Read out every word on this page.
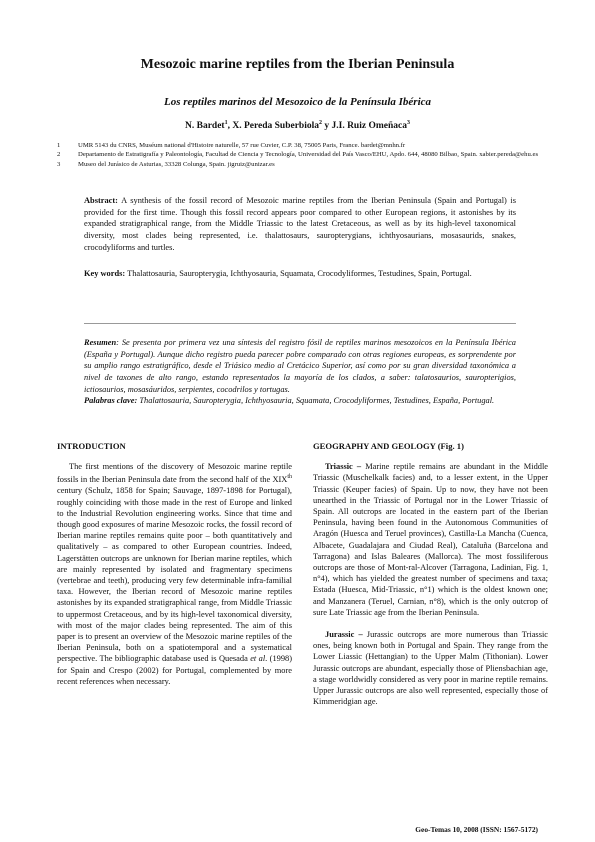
Mesozoic marine reptiles from the Iberian Peninsula
Los reptiles marinos del Mesozoico de la Península Ibérica
N. Bardet$^1$, X. Pereda Suberbiola$^2$ y J.I. Ruiz Omeñaca$^3$
1	UMR 5143 du CNRS, Muséum national d'Histoire naturelle, 57 rue Cuvier, C.P. 38, 75005 Paris, France. bardet@mnhn.fr
2	Departamento de Estratigrafía y Paleontología, Facultad de Ciencia y Tecnología, Universidad del País Vasco/EHU, Apdo. 644, 48080 Bilbao, Spain. xabier.pereda@ehu.es
3	Museo del Jurásico de Asturias, 33328 Colunga, Spain. jigruiz@unizar.es
Abstract: A synthesis of the fossil record of Mesozoic marine reptiles from the Iberian Peninsula (Spain and Portugal) is provided for the first time. Though this fossil record appears poor compared to other European regions, it astonishes by its expanded stratigraphical range, from the Middle Triassic to the latest Cretaceous, as well as by its high-level taxonomical diversity, most clades being represented, i.e. thalattosaurs, sauropterygians, ichthyosaurians, mosasaurids, snakes, crocodyliforms and turtles.
Key words: Thalattosauria, Sauropterygia, Ichthyosauria, Squamata, Crocodyliformes, Testudines, Spain, Portugal.
Resumen: Se presenta por primera vez una síntesis del registro fósil de reptiles marinos mesozoicos en la Península Ibérica (España y Portugal). Aunque dicho registro pueda parecer pobre comparado con otras regiones europeas, es sorprendente por su amplio rango estratigráfico, desde el Triásico medio al Cretácico Superior, así como por su gran diversidad taxonómica a nivel de taxones de alto rango, estando representados la mayoría de los clados, a saber: talatosaurios, sauropterigios, ictiosaurios, mosasáuridos, serpientes, cocodrilos y tortugas.
Palabras clave: Thalattosauria, Sauropterygia, Ichthyosauria, Squamata, Crocodyliformes, Testudines, España, Portugal.
INTRODUCTION

The first mentions of the discovery of Mesozoic marine reptile fossils in the Iberian Peninsula date from the second half of the XIXth century (Schulz, 1858 for Spain; Sauvage, 1897-1898 for Portugal), roughly coinciding with those made in the rest of Europe and linked to the Industrial Revolution engineering works. Since that time and though good exposures of marine Mesozoic rocks, the fossil record of Iberian marine reptiles remains quite poor – both quantitatively and qualitatively – as compared to other European countries. Indeed, Lagerstätten outcrops are unknown for Iberian marine reptiles, which are mainly represented by isolated and fragmentary specimens (vertebrae and teeth), producing very few determinable infra-familial taxa. However, the Iberian record of Mesozoic marine reptiles astonishes by its expanded stratigraphical range, from Middle Triassic to uppermost Cretaceous, and by its high-level taxonomical diversity, with most of the major clades being represented. The aim of this paper is to present an overview of the Mesozoic marine reptiles of the Iberian Peninsula, both on a spatiotemporal and a systematical perspective. The bibliographic database used is Quesada et al. (1998) for Spain and Crespo (2002) for Portugal, complemented by more recent references when necessary.

GEOGRAPHY AND GEOLOGY (Fig. 1)

Triassic – Marine reptile remains are abundant in the Middle Triassic (Muschelkalk facies) and, to a lesser extent, in the Upper Triassic (Keuper facies) of Spain. Up to now, they have not been unearthed in the Triassic of Portugal nor in the Lower Triassic of Spain. All outcrops are located in the eastern part of the Iberian Peninsula, having been found in the Autonomous Communities of Aragón (Huesca and Teruel provinces), Castilla-La Mancha (Cuenca, Albacete, Guadalajara and Ciudad Real), Cataluña (Barcelona and Tarragona) and Islas Baleares (Mallorca). The most fossiliferous outcrops are those of Mont-ral-Alcover (Tarragona, Ladinian, Fig. 1, n°4), which has yielded the greatest number of specimens and taxa; Estada (Huesca, Mid-Triassic, n°1) which is the oldest known one; and Manzanera (Teruel, Carnian, n°8), which is the only outcrop of sure Late Triassic age from the Iberian Peninsula.

Jurassic – Jurassic outcrops are more numerous than Triassic ones, being known both in Portugal and Spain. They range from the Lower Liassic (Hettangian) to the Upper Malm (Tithonian). Lower Jurassic outcrops are abundant, especially those of Pliensbachian age, a stage worldwidly considered as very poor in marine reptile remains. Upper Jurassic outcrops are also well represented, especially those of Kimmeridgian age.

Geo-Temas 10, 2008 (ISSN: 1567-5172)
